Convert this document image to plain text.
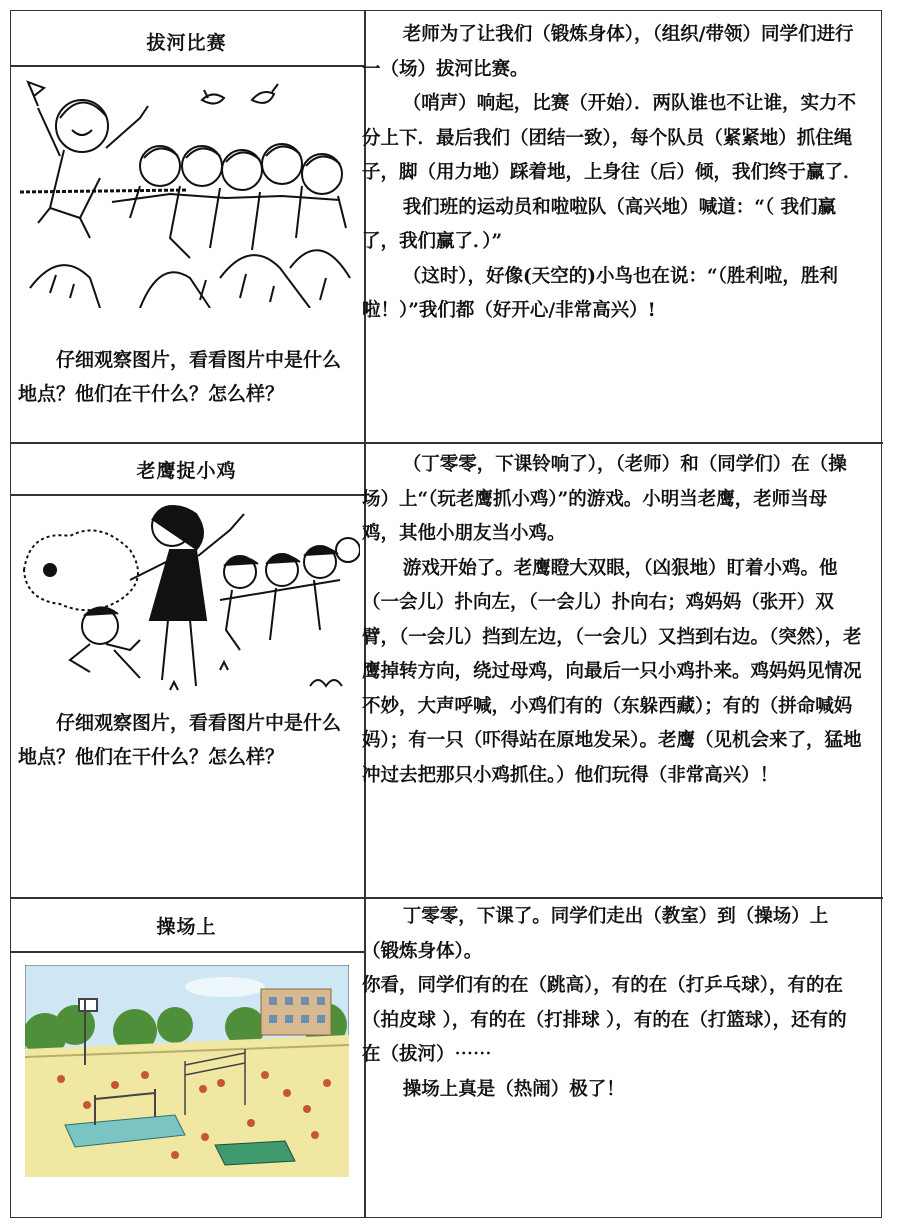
拔河比赛
仔细观察图片，看看图片中是什么地点？他们在干什么？怎么样？

老师为了让我们（锻炼身体），（组织/带领）同学们进行一（场）拔河比赛。

（哨声）响起，比赛（开始）．两队谁也不让谁，实力不分上下．最后我们（团结一致），每个队员（紧紧地）抓住绳子，脚（用力地）踩着地，上身往（后）倾，我们终于赢了．

我们班的运动员和啦啦队（高兴地）喊道：“（ 我们赢了，我们赢了．）”

（这时），好像(天空的)小鸟也在说：“（胜利啦，胜利啦！）”我们都（好开心/非常高兴）!

老鹰捉小鸡
仔细观察图片，看看图片中是什么地点？他们在干什么？怎么样？

（丁零零，下课铃响了），（老师）和（同学们）在（操场）上“（玩老鹰抓小鸡）”的游戏。小明当老鹰，老师当母鸡，其他小朋友当小鸡。

游戏开始了。老鹰瞪大双眼，（凶狠地）盯着小鸡。他（一会儿）扑向左，（一会儿）扑向右；鸡妈妈（张开）双臂，（一会儿）挡到左边，（一会儿）又挡到右边。（突然），老鹰掉转方向，绕过母鸡，向最后一只小鸡扑来。鸡妈妈见情况不妙，大声呼喊，小鸡们有的（东躲西藏）；有的（拼命喊妈妈）；有一只（吓得站在原地发呆）。老鹰（见机会来了，猛地冲过去把那只小鸡抓住。）他们玩得（非常高兴）！

操场上	丁零零，下课了。同学们走出（教室）到（操场）上（锻炼身体）。

你看，同学们有的在（跳高），有的在（打乒乓球），有的在（拍皮球 ），有的在（打排球 ），有的在（打篮球），还有的在（拔河）⋯⋯

操场上真是（热闹）极了！
